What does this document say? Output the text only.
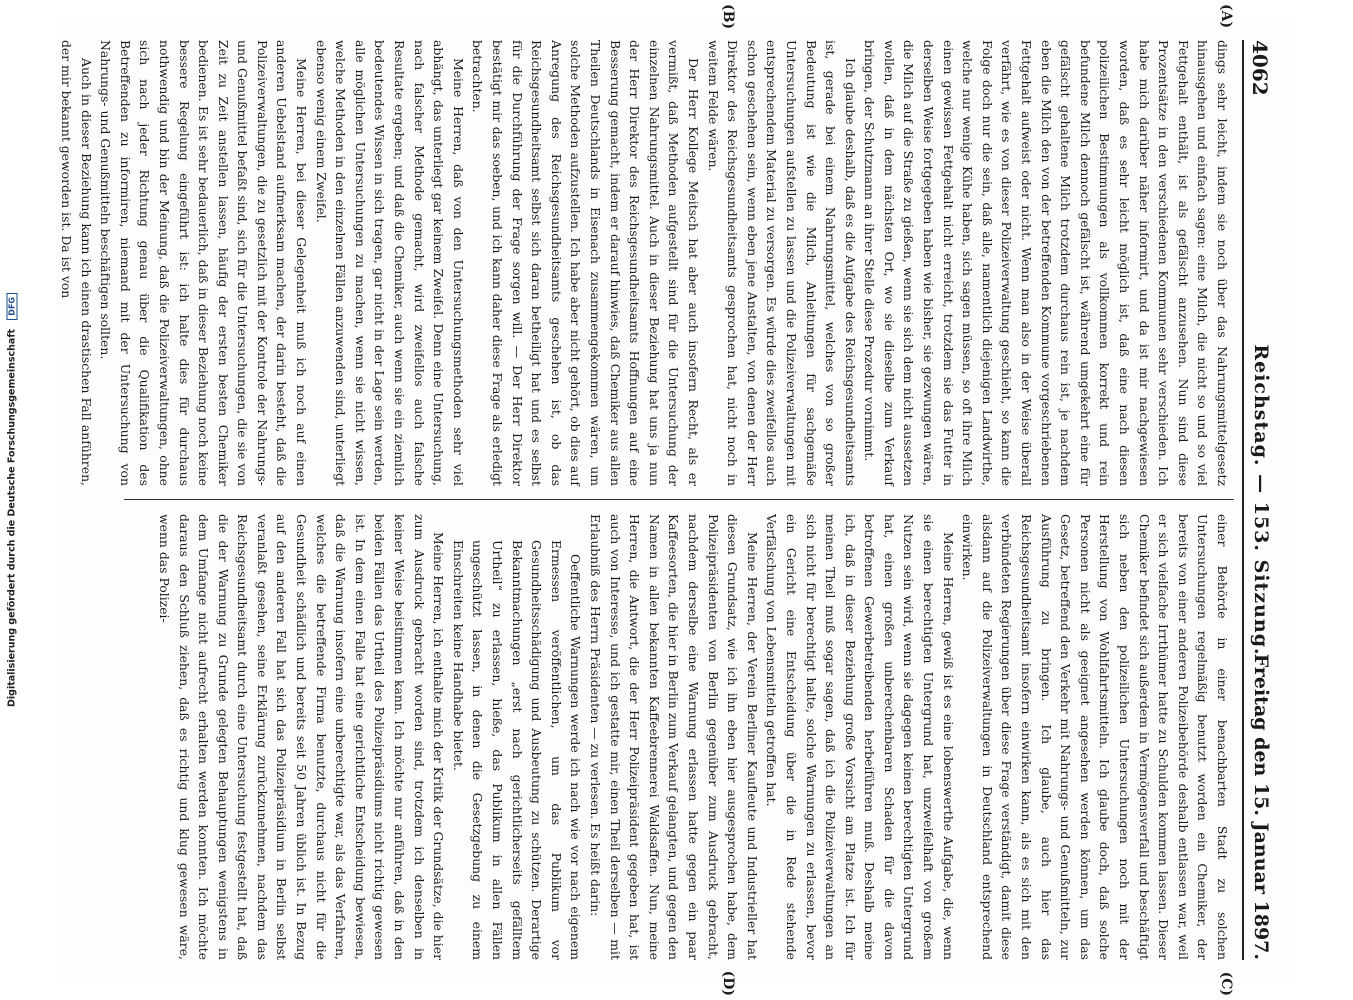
4062
Reichstag. — 153. Sitzung.
Freitag den 15. Januar 1897.
(A)
(B)
(C)
(D)

dings sehr leicht, indem sie noch über das Nahrungsmittelgesetz hinausgehen und einfach sagen: eine Milch, die nicht so und so viel Fettgehalt enthält, ist als gefälscht anzusehen. Nun sind diese Prozentsätze in den verschiedenen Kommunen sehr verschieden. Ich habe mich darüber näher informirt, und da ist mir nachgewiesen worden, daß es sehr leicht möglich ist, daß eine nach diesen polizeilichen Bestimmungen als vollkommen korrekt und rein befundene Milch dennoch gefälscht ist, während umgekehrt eine für gefälscht gehaltene Milch trotzdem durchaus rein ist, je nachdem eben die Milch den von der betreffenden Kommune vorgeschriebenen Fettgehalt aufweist oder nicht. Wenn man also in der Weise überall verfährt, wie es von dieser Polizeiverwaltung geschieht, so kann die Folge doch nur die sein, daß alle, namentlich diejenigen Landwirthe, welche nur wenige Kühe haben, sich sagen müssen, so oft ihre Milch einen gewissen Fettgehalt nicht erreicht, trotzdem sie das Futter in derselben Weise fortgegeben haben wie bisher, sie gezwungen wären, die Milch auf die Straße zu gießen, wenn sie sich dem nicht aussetzen wollen, daß in dem nächsten Ort, wo sie dieselbe zum Verkauf bringen, der Schutzmann an ihrer Stelle diese Prozedur vornimmt.

Ich glaube deshalb, daß es die Aufgabe des Reichsgesundheitsamts ist, gerade bei einem Nahrungsmittel, welches von so großer Bedeutung ist wie die Milch, Anleitungen für sachgemäße Untersuchungen aufstellen zu lassen und die Polizeiverwaltungen mit entsprechendem Material zu versorgen. Es würde dies zweifellos auch schon geschehen sein, wenn eben jene Anstalten, von denen der Herr Direktor des Reichsgesundheitsamts gesprochen hat, nicht noch in weitem Felde wären.

Der Herr Kollege Meitsch hat aber auch insofern Recht, als er vermißt, daß Methoden aufgestellt sind für die Untersuchung der einzelnen Nahrungsmittel. Auch in dieser Beziehung hat uns ja nun der Herr Direktor des Reichsgesundheitsamts Hoffnungen auf eine Besserung gemacht, indem er darauf hinwies, daß Chemiker aus allen Theilen Deutschlands in Eisenach zusammengekommen wären, um solche Methoden aufzustellen. Ich habe aber nicht gehört, ob dies auf Anregung des Reichsgesundheitsamts geschehen ist, ob das Reichsgesundheitsamt selbst sich daran betheiligt hat und es selbst für die Durchführung der Frage sorgen will. — Der Herr Direktor bestätigt mir das soeben, und ich kann daher diese Frage als erledigt betrachten.

Meine Herren, daß von den Untersuchungsmethoden sehr viel abhängt, das unterliegt gar keinem Zweifel. Denn eine Untersuchung, nach falscher Methode gemacht, wird zweifellos auch falsche Resultate ergeben; und daß die Chemiker, auch wenn sie ein ziemlich bedeutendes Wissen in sich tragen, gar nicht in der Lage sein werden, alle möglichen Untersuchungen zu machen, wenn sie nicht wissen, welche Methoden in den einzelnen Fällen anzuwenden sind, unterliegt ebenso wenig einem Zweifel.

Meine Herren, bei dieser Gelegenheit muß ich noch auf einen anderen Uebelstand aufmerksam machen, der darin besteht, daß die Polizeiverwaltungen, die zu gesetzlich mit der Kontrole der Nahrungs- und Genußmittel befaßt sind, sich für die Untersuchungen, die sie von Zeit zu Zeit anstellen lassen, häufig der ersten besten Chemiker bedienen. Es ist sehr bedauerlich, daß in dieser Beziehung noch keine bessere Regelung eingeführt ist: ich halte dies für durchaus nothwendig und bin der Meinung, daß die Polizeiverwaltungen, ohne sich nach jeder Richtung genau über die Qualifikation des Betreffenden zu informiren, niemand mit der Untersuchung von Nahrungs- und Genußmitteln beschäftigen sollten.

Auch in dieser Beziehung kann ich einen drastischen Fall anführen, der mir bekannt geworden ist. Da ist von

einer Behörde in einer benachbarten Stadt zu solchen Untersuchungen regelmäßig benutzt worden ein Chemiker, der bereits von einer anderen Polizeibehörde deshalb entlassen war, weil er sich vielfache Irrthümer hatte zu Schulden kommen lassen. Dieser Chemiker befindet sich außerdem in Vermögensverfall und beschäftigt sich neben den polizeilichen Untersuchungen noch mit der Herstellung von Wohlfahrtsmitteln. Ich glaube doch, daß solche Personen nicht als geeignet angesehen werden können, um das Gesetz, betreffend den Verkehr mit Nahrungs- und Genußmitteln, zur Ausführung zu bringen. Ich glaube, auch hier das Reichsgesundheitsamt insofern einwirken kann, als es sich mit den verbündeten Regierungen über diese Frage verständigt, damit diese alsdann auf die Polizeiverwaltungen in Deutschland entsprechend einwirken.

Meine Herren, gewiß ist es eine lobenswerthe Aufgabe, die, wenn sie einen berechtigten Untergrund hat, unzweifelhaft von großem Nutzen sein wird, wenn sie dagegen keinen berechtigten Untergrund hat, einen großen unberechenbaren Schaden für die davon betroffenen Gewerbetreibenden herbeiführen muß. Deshalb meine ich, daß in dieser Beziehung große Vorsicht am Platze ist. Ich für meinen Theil muß sogar sagen, daß ich die Polizeiverwaltungen an sich nicht für berechtigt halte, solche Warnungen zu erlassen, bevor ein Gericht eine Entscheidung über die in Rede stehende Verfälschung von Lebensmitteln getroffen hat.

Meine Herren, der Verein Berliner Kaufleute und Industrieller hat diesen Grundsatz, wie ich ihn eben hier ausgesprochen habe, dem Polizeipräsidenten von Berlin gegenüber zum Ausdruck gebracht, nachdem derselbe eine Warnung erlassen hatte gegen ein paar Kaffeesorten, die hier in Berlin zum Verkauf gelangten, und gegen den Namen in allen bekannten Kaffeebrennerei Waldsaffen. Nun, meine Herren, die Antwort, die der Herr Polizeipräsident gegeben hat, ist auch von Interesse, und ich gestatte mir, einen Theil derselben — mit Erlaubniß des Herrn Präsidenten — zu verlesen. Es heißt darin:

Oeffentliche Warnungen werde ich nach wie vor nach eigenem Ermessen veröffentlichen, um das Publikum vor Gesundheitsschädigung und Ausbeutung zu schützen. Derartige Bekanntmachungen „erst nach gerichtlicherseits gefälltem Urtheil“ zu erlassen, hieße, das Publikum in allen Fällen ungeschützt lassen, in denen die Gesetzgebung zu einem Einschreiten keine Handhabe bietet.

Meine Herren, ich enthalte mich der Kritik der Grundsätze, die hier zum Ausdruck gebracht worden sind, trotzdem ich denselben in keiner Weise beistimmen kann. Ich möchte nur anführen, daß in den beiden Fällen das Urtheil des Polizeipräsidiums nicht richtig gewesen ist. In dem einen Falle hat eine gerichtliche Entscheidung bewiesen, daß die Warnung insofern eine unberechtigte war, als das Verfahren, welches die betreffende Firma benutzte, durchaus nicht für die Gesundheit schädlich und bereits seit 50 Jahren üblich ist. In Bezug auf den anderen Fall hat sich das Polizeipräsidium in Berlin selbst veranlaßt gesehen, seine Erklärung zurückzunehmen, nachdem das Reichsgesundheitsamt durch eine Untersuchung festgestellt hat, daß die der Warnung zu Grunde gelegten Behauptungen wenigstens in dem Umfange nicht aufrecht erhalten werden konnten. Ich möchte daraus den Schluß ziehen, daß es richtig und klug gewesen wäre, wenn das Polizei-

Digitalisierung gefördert durch die Deutsche Forschungsgemeinschaft DFG
